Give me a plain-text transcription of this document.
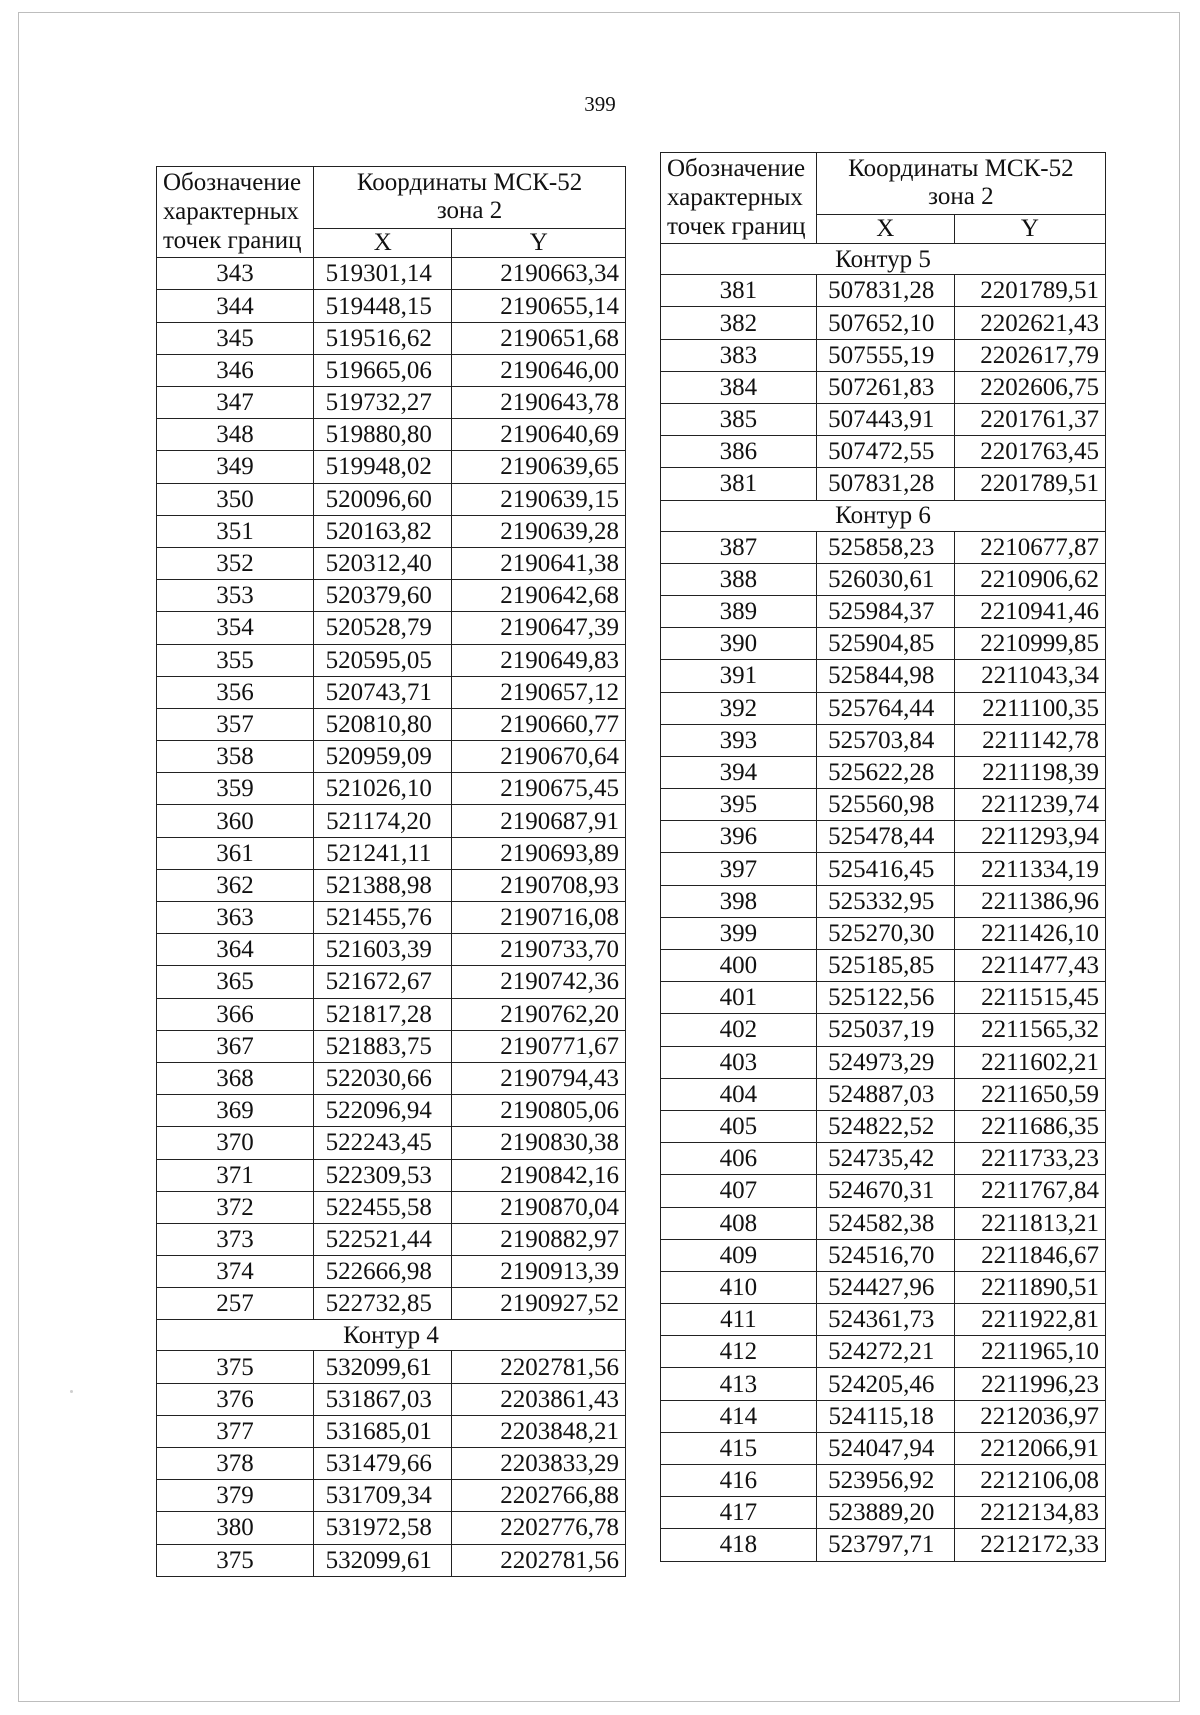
399
Обозначение
характерных
точек границ	Координаты МСК-52
зона 2	
	X	Y
343	519301,14	2190663,34
344	519448,15	2190655,14
345	519516,62	2190651,68
346	519665,06	2190646,00
347	519732,27	2190643,78
348	519880,80	2190640,69
349	519948,02	2190639,65
350	520096,60	2190639,15
351	520163,82	2190639,28
352	520312,40	2190641,38
353	520379,60	2190642,68
354	520528,79	2190647,39
355	520595,05	2190649,83
356	520743,71	2190657,12
357	520810,80	2190660,77
358	520959,09	2190670,64
359	521026,10	2190675,45
360	521174,20	2190687,91
361	521241,11	2190693,89
362	521388,98	2190708,93
363	521455,76	2190716,08
364	521603,39	2190733,70
365	521672,67	2190742,36
366	521817,28	2190762,20
367	521883,75	2190771,67
368	522030,66	2190794,43
369	522096,94	2190805,06
370	522243,45	2190830,38
371	522309,53	2190842,16
372	522455,58	2190870,04
373	522521,44	2190882,97
374	522666,98	2190913,39
257	522732,85	2190927,52
Контур 4		
375	532099,61	2202781,56
376	531867,03	2203861,43
377	531685,01	2203848,21
378	531479,66	2203833,29
379	531709,34	2202766,88
380	531972,58	2202776,78
375	532099,61	2202781,56
Обозначение
характерных
точек границ	Координаты МСК-52
зона 2	
	X	Y
Контур 5		
381	507831,28	2201789,51
382	507652,10	2202621,43
383	507555,19	2202617,79
384	507261,83	2202606,75
385	507443,91	2201761,37
386	507472,55	2201763,45
381	507831,28	2201789,51
Контур 6		
387	525858,23	2210677,87
388	526030,61	2210906,62
389	525984,37	2210941,46
390	525904,85	2210999,85
391	525844,98	2211043,34
392	525764,44	2211100,35
393	525703,84	2211142,78
394	525622,28	2211198,39
395	525560,98	2211239,74
396	525478,44	2211293,94
397	525416,45	2211334,19
398	525332,95	2211386,96
399	525270,30	2211426,10
400	525185,85	2211477,43
401	525122,56	2211515,45
402	525037,19	2211565,32
403	524973,29	2211602,21
404	524887,03	2211650,59
405	524822,52	2211686,35
406	524735,42	2211733,23
407	524670,31	2211767,84
408	524582,38	2211813,21
409	524516,70	2211846,67
410	524427,96	2211890,51
411	524361,73	2211922,81
412	524272,21	2211965,10
413	524205,46	2211996,23
414	524115,18	2212036,97
415	524047,94	2212066,91
416	523956,92	2212106,08
417	523889,20	2212134,83
418	523797,71	2212172,33
